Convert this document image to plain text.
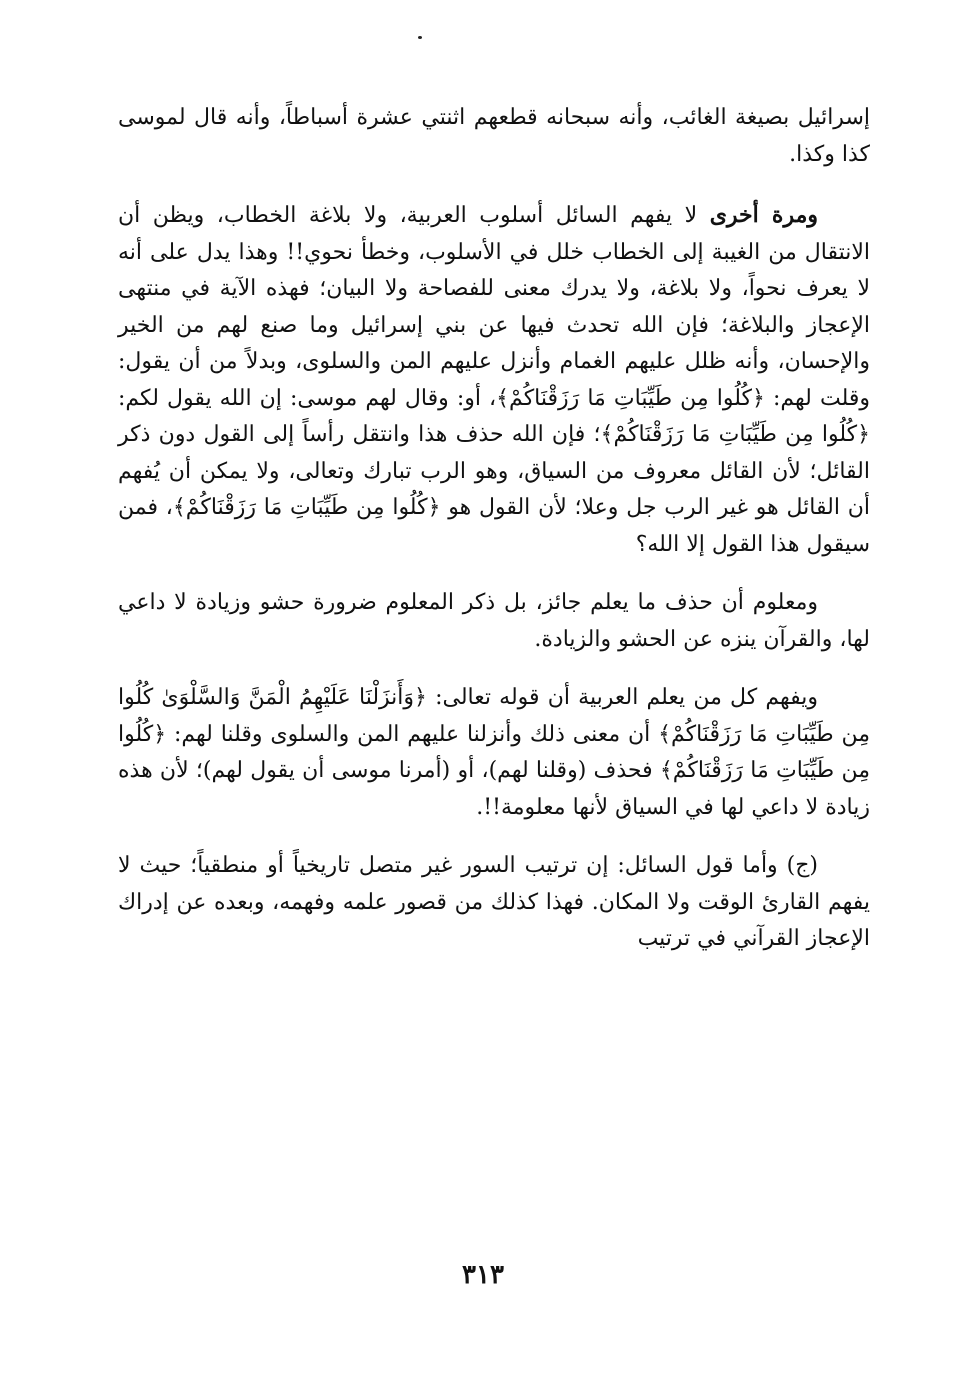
إسرائيل بصيغة الغائب، وأنه سبحانه قطعهم اثنتي عشرة أسباطاً، وأنه قال لموسى كذا وكذا.

ومرة أخرى لا يفهم السائل أسلوب العربية، ولا بلاغة الخطاب، ويظن أن الانتقال من الغيبة إلى الخطاب خلل في الأسلوب، وخطأ نحوي!! وهذا يدل على أنه لا يعرف نحواً، ولا بلاغة، ولا يدرك معنى للفصاحة ولا البيان؛ فهذه الآية في منتهى الإعجاز والبلاغة؛ فإن الله تحدث فيها عن بني إسرائيل وما صنع لهم من الخير والإحسان، وأنه ظلل عليهم الغمام وأنزل عليهم المن والسلوى، وبدلاً من أن يقول: وقلت لهم: ﴿كُلُوا مِن طَيِّبَاتِ مَا رَزَقْنَاكُمْ﴾، أو: وقال لهم موسى: إن الله يقول لكم: ﴿كُلُوا مِن طَيِّبَاتِ مَا رَزَقْنَاكُمْ﴾؛ فإن الله حذف هذا وانتقل رأساً إلى القول دون ذكر القائل؛ لأن القائل معروف من السياق، وهو الرب تبارك وتعالى، ولا يمكن أن يُفهم أن القائل هو غير الرب جل وعلا؛ لأن القول هو ﴿كُلُوا مِن طَيِّبَاتِ مَا رَزَقْنَاكُمْ﴾، فمن سيقول هذا القول إلا الله؟

ومعلوم أن حذف ما يعلم جائز، بل ذكر المعلوم ضرورة حشو وزيادة لا داعي لها، والقرآن ينزه عن الحشو والزيادة.

ويفهم كل من يعلم العربية أن قوله تعالى: ﴿وَأَنزَلْنَا عَلَيْهِمُ الْمَنَّ وَالسَّلْوَىٰ كُلُوا مِن طَيِّبَاتِ مَا رَزَقْنَاكُمْ﴾ أن معنى ذلك وأنزلنا عليهم المن والسلوى وقلنا لهم: ﴿كُلُوا مِن طَيِّبَاتِ مَا رَزَقْنَاكُمْ﴾ فحذف (وقلنا لهم)، أو (أمرنا موسى أن يقول لهم)؛ لأن هذه زيادة لا داعي لها في السياق لأنها معلومة!!.

(ج) وأما قول السائل: إن ترتيب السور غير متصل تاريخياً أو منطقياً؛ حيث لا يفهم القارئ الوقت ولا المكان. فهذا كذلك من قصور علمه وفهمه، وبعده عن إدراك الإعجاز القرآني في ترتيب

٣١٣
